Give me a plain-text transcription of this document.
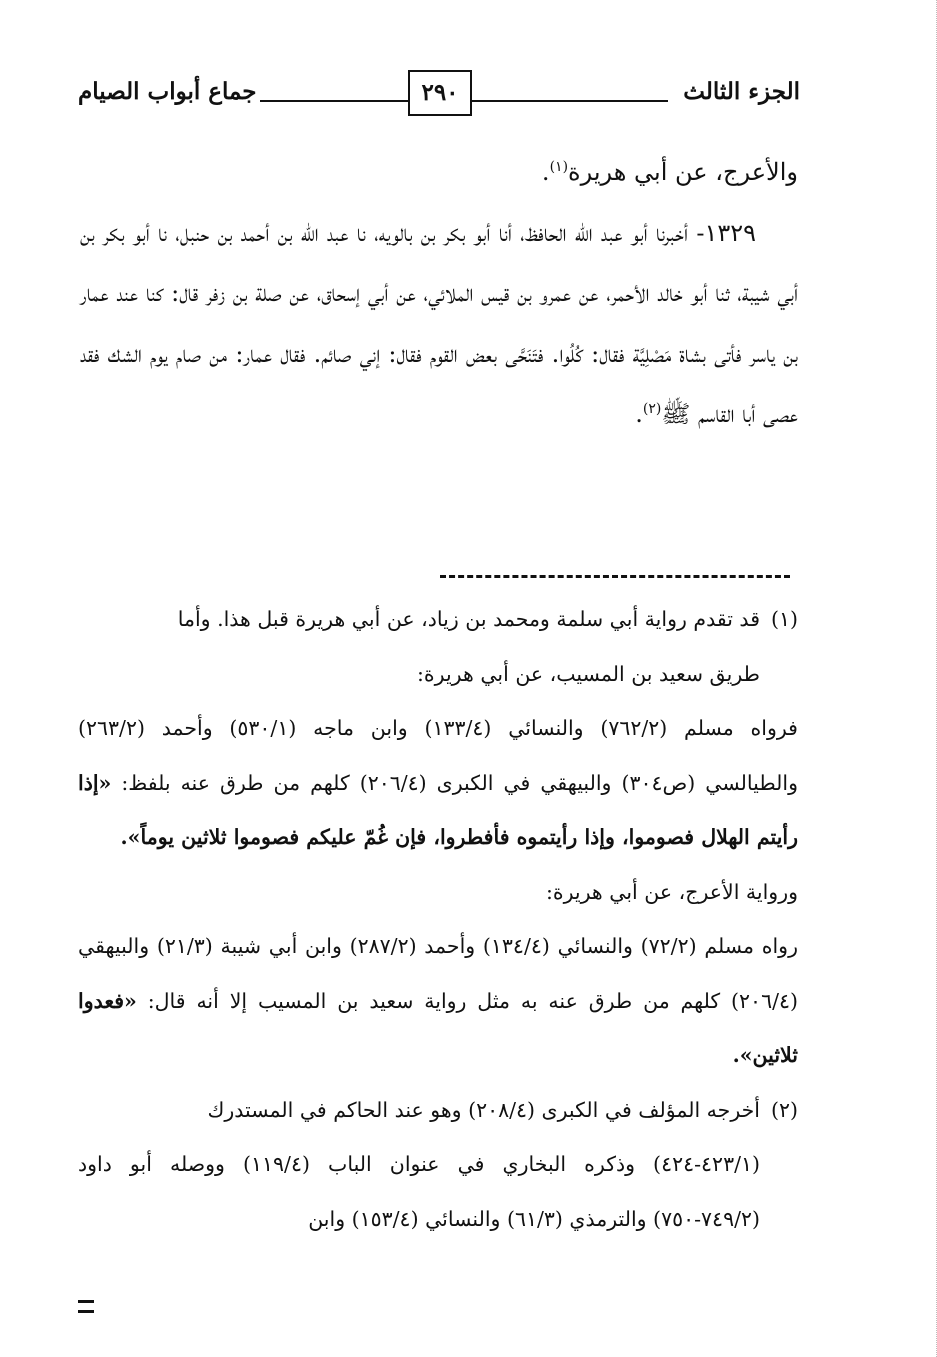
الجزء الثالث
٢٩٠
جماع أبواب الصيام

والأعرج، عن أبي هريرة$^{(١)}$.

١٣٢٩- أخبرنا أبو عبد الله الحافظ، أنا أبو بكر بن بالويه، نا عبد الله بن أحمد بن حنبل، نا أبو بكر بن أبي شيبة، ثنا أبو خالد الأحمر، عن عمرو بن قيس الملائي، عن أبي إسحاق، عن صلة بن زفر قال: كنا عند عمار بن ياسر فأتى بشاة مَصْلِيَّة فقال: كُلُوا. فتَنَحَّى بعض القوم فقال: إني صائم. فقال عمار: من صام يوم الشك فقد عصى أبا القاسم ﷺ$^{(٢)}$.

(١)قد تقدم رواية أبي سلمة ومحمد بن زياد، عن أبي هريرة قبل هذا. وأما
طريق سعيد بن المسيب، عن أبي هريرة:
فرواه مسلم (٧٦٢/٢) والنسائي (١٣٣/٤) وابن ماجه (٥٣٠/١) وأحمد (٢٦٣/٢) والطيالسي (ص٣٠٤) والبيهقي في الكبرى (٢٠٦/٤) كلهم من طرق عنه بلفظ: «إذا رأيتم الهلال فصوموا، وإذا رأيتموه فأفطروا، فإن غُمّ عليكم فصوموا ثلاثين يوماً».
ورواية الأعرج، عن أبي هريرة:
رواه مسلم (٧٢/٢) والنسائي (١٣٤/٤) وأحمد (٢٨٧/٢) وابن أبي شيبة (٢١/٣) والبيهقي (٢٠٦/٤) كلهم من طرق عنه به مثل رواية سعيد بن المسيب إلا أنه قال: «فعدوا ثلاثين».
(٢)أخرجه المؤلف في الكبرى (٢٠٨/٤) وهو عند الحاكم في المستدرك
(٤٢٣/١-٤٢٤) وذكره البخاري في عنوان الباب (١١٩/٤) ووصله أبو داود (٧٤٩/٢-٧٥٠) والترمذي (٦١/٣) والنسائي (١٥٣/٤) وابن
